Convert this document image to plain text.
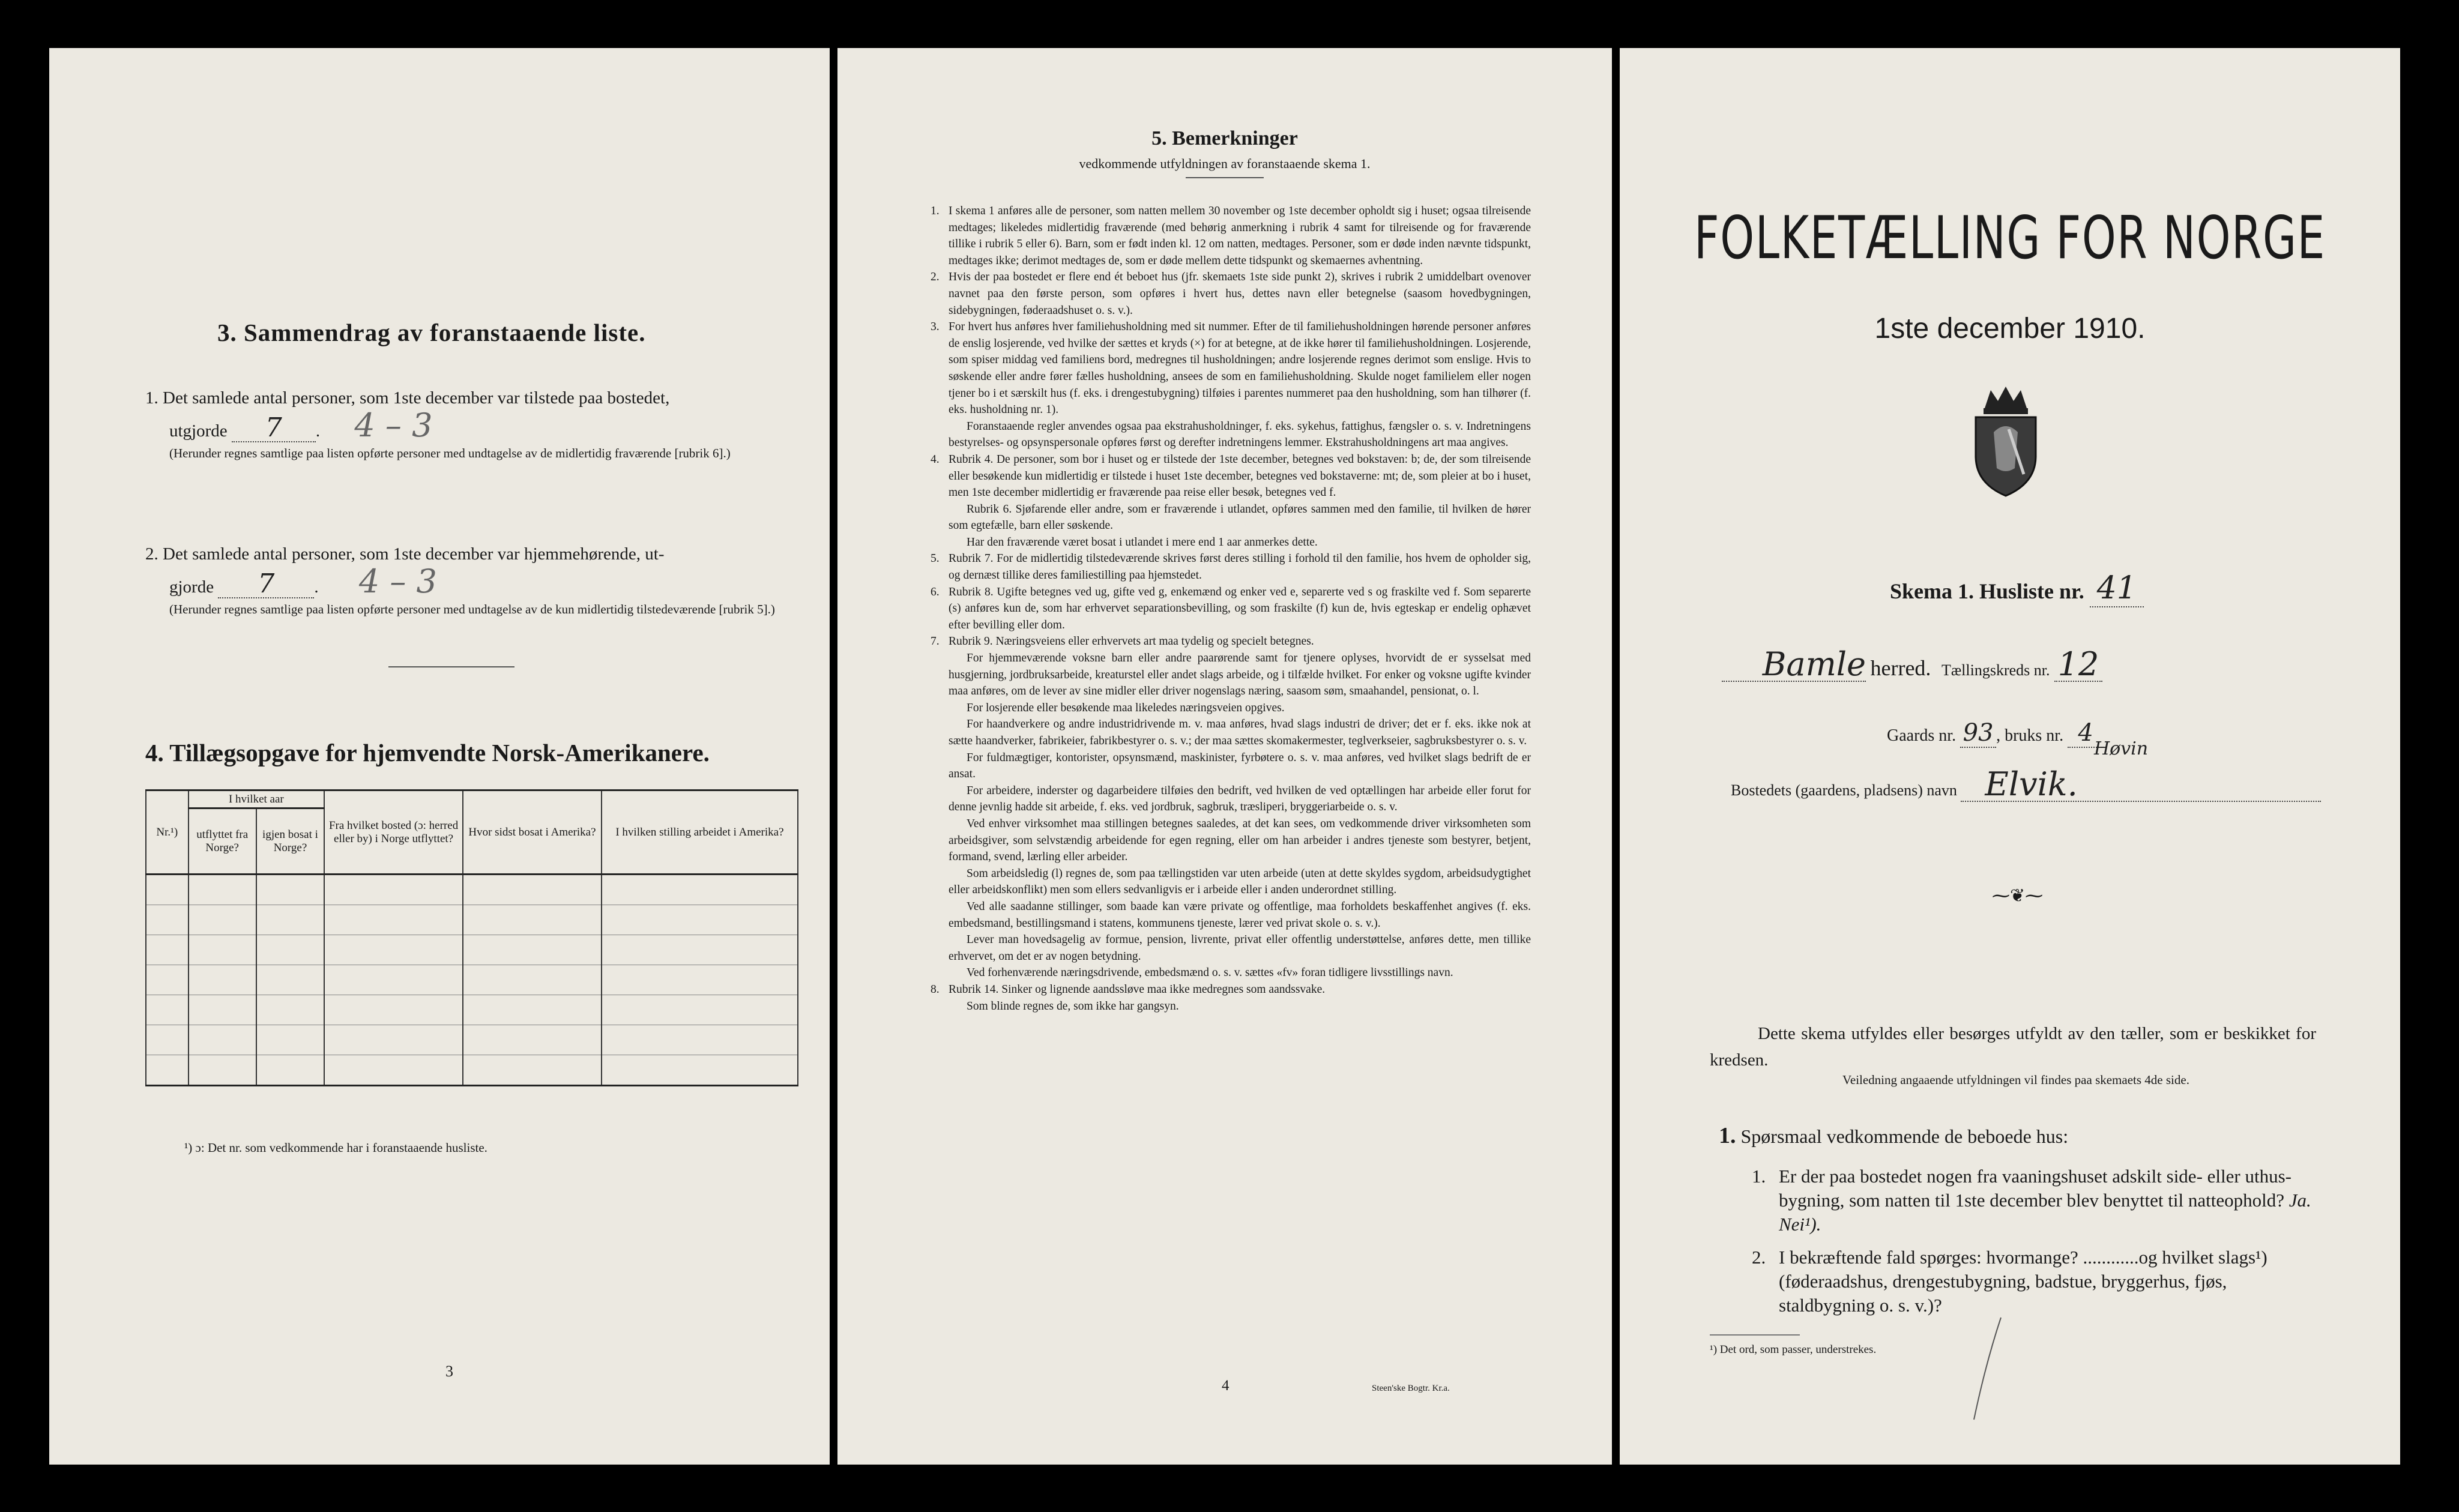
3. Sammendrag av foranstaaende liste.
1. Det samlede antal personer, som 1ste december var tilstede paa bostedet,
utgjorde 7 . 4 – 3
(Herunder regnes samtlige paa listen opførte personer med undtagelse av de midlertidig fraværende [rubrik 6].)
2. Det samlede antal personer, som 1ste december var hjemmehørende, ut-
gjorde 7 . 4 – 3
(Herunder regnes samtlige paa listen opførte personer med undtagelse av de kun midlertidig tilstedeværende [rubrik 5].)
4. Tillægsopgave for hjemvendte Norsk-Amerikanere.
Nr.¹)	I hvilket aar		Fra hvilket bosted (ɔ: herred eller by) i Norge utflyttet?	Hvor sidst bosat i Amerika?	I hvilken stilling arbeidet i Amerika?
	utflyttet fra Norge?	igjen bosat i Norge?			

¹) ɔ: Det nr. som vedkommende har i foranstaaende husliste.
3
5. Bemerkninger
vedkommende utfyldningen av foranstaaende skema 1.
1. I skema 1 anføres alle de personer, som natten mellem 30 november og 1ste december opholdt sig i huset; ogsaa tilreisende medtages; likeledes midlertidig fraværende (med behørig anmerkning i rubrik 4 samt for tilreisende og for fraværende tillike i rubrik 5 eller 6). Barn, som er født inden kl. 12 om natten, medtages. Personer, som er døde inden nævnte tidspunkt, medtages ikke; derimot medtages de, som er døde mellem dette tidspunkt og skemaernes avhentning.
2. Hvis der paa bostedet er flere end ét beboet hus (jfr. skemaets 1ste side punkt 2), skrives i rubrik 2 umiddelbart ovenover navnet paa den første person, som opføres i hvert hus, dettes navn eller betegnelse (saasom hovedbygningen, sidebygningen, føderaadshuset o. s. v.).
3. For hvert hus anføres hver familiehusholdning med sit nummer. Efter de til familiehusholdningen hørende personer anføres de enslig losjerende, ved hvilke der sættes et kryds (×) for at betegne, at de ikke hører til familiehusholdningen. Losjerende, som spiser middag ved familiens bord, medregnes til husholdningen; andre losjerende regnes derimot som enslige. Hvis to søskende eller andre fører fælles husholdning, ansees de som en familiehusholdning. Skulde noget familielem eller nogen tjener bo i et særskilt hus (f. eks. i drengestubygning) tilføies i parentes nummeret paa den husholdning, som han tilhører (f. eks. husholdning nr. 1).
Foranstaaende regler anvendes ogsaa paa ekstrahusholdninger, f. eks. sykehus, fattighus, fængsler o. s. v. Indretningens bestyrelses- og opsynspersonale opføres først og derefter indretningens lemmer. Ekstrahusholdningens art maa angives.
4. Rubrik 4. De personer, som bor i huset og er tilstede der 1ste december, betegnes ved bokstaven: b; de, der som tilreisende eller besøkende kun midlertidig er tilstede i huset 1ste december, betegnes ved bokstaverne: mt; de, som pleier at bo i huset, men 1ste december midlertidig er fraværende paa reise eller besøk, betegnes ved f.
Rubrik 6. Sjøfarende eller andre, som er fraværende i utlandet, opføres sammen med den familie, til hvilken de hører som egtefælle, barn eller søskende.
Har den fraværende været bosat i utlandet i mere end 1 aar anmerkes dette.
5. Rubrik 7. For de midlertidig tilstedeværende skrives først deres stilling i forhold til den familie, hos hvem de opholder sig, og dernæst tillike deres familiestilling paa hjemstedet.
6. Rubrik 8. Ugifte betegnes ved ug, gifte ved g, enkemænd og enker ved e, separerte ved s og fraskilte ved f. Som separerte (s) anføres kun de, som har erhvervet separationsbevilling, og som fraskilte (f) kun de, hvis egteskap er endelig ophævet efter bevilling eller dom.
7. Rubrik 9. Næringsveiens eller erhvervets art maa tydelig og specielt betegnes.
For hjemmeværende voksne barn eller andre paarørende samt for tjenere oplyses, hvorvidt de er sysselsat med husgjerning, jordbruksarbeide, kreaturstel eller andet slags arbeide, og i tilfælde hvilket. For enker og voksne ugifte kvinder maa anføres, om de lever av sine midler eller driver nogenslags næring, saasom søm, smaahandel, pensionat, o. l.
For losjerende eller besøkende maa likeledes næringsveien opgives.
For haandverkere og andre industridrivende m. v. maa anføres, hvad slags industri de driver; det er f. eks. ikke nok at sætte haandverker, fabrikeier, fabrikbestyrer o. s. v.; der maa sættes skomakermester, teglverkseier, sagbruksbestyrer o. s. v.
For fuldmægtiger, kontorister, opsynsmænd, maskinister, fyrbøtere o. s. v. maa anføres, ved hvilket slags bedrift de er ansat.
For arbeidere, inderster og dagarbeidere tilføies den bedrift, ved hvilken de ved optællingen har arbeide eller forut for denne jevnlig hadde sit arbeide, f. eks. ved jordbruk, sagbruk, træsliperi, bryggeriarbeide o. s. v.
Ved enhver virksomhet maa stillingen betegnes saaledes, at det kan sees, om vedkommende driver virksomheten som arbeidsgiver, som selvstændig arbeidende for egen regning, eller om han arbeider i andres tjeneste som bestyrer, betjent, formand, svend, lærling eller arbeider.
Som arbeidsledig (l) regnes de, som paa tællingstiden var uten arbeide (uten at dette skyldes sygdom, arbeidsudygtighet eller arbeidskonflikt) men som ellers sedvanligvis er i arbeide eller i anden underordnet stilling.
Ved alle saadanne stillinger, som baade kan være private og offentlige, maa forholdets beskaffenhet angives (f. eks. embedsmand, bestillingsmand i statens, kommunens tjeneste, lærer ved privat skole o. s. v.).
Lever man hovedsagelig av formue, pension, livrente, privat eller offentlig understøttelse, anføres dette, men tillike erhvervet, om det er av nogen betydning.
Ved forhenværende næringsdrivende, embedsmænd o. s. v. sættes «fv» foran tidligere livsstillings navn.
8. Rubrik 14. Sinker og lignende aandssløve maa ikke medregnes som aandssvake.
Som blinde regnes de, som ikke har gangsyn.
4	Steen'ske Bogtr. Kr.a.
FOLKETÆLLING FOR NORGE
1ste december 1910.
Skema 1. Husliste nr. 41
Bamle herred. Tællingskreds nr. 12
Gaards nr. 93 , bruks nr. 4
Høvin
Bostedets (gaardens, pladsens) navn Elvik.
⁓❦⁓
Dette skema utfyldes eller besørges utfyldt av den tæller, som er beskikket for kredsen.
Veiledning angaaende utfyldningen vil findes paa skemaets 4de side.
1. Spørsmaal vedkommende de beboede hus:
1. Er der paa bostedet nogen fra vaaningshuset adskilt side- eller uthus-bygning, som natten til 1ste december blev benyttet til natteophold? Ja. Nei¹).
2. I bekræftende fald spørges: hvormange? ............og hvilket slags¹) (føderaadshus, drengestubygning, badstue, bryggerhus, fjøs, staldbygning o. s. v.)?
¹) Det ord, som passer, understrekes.
